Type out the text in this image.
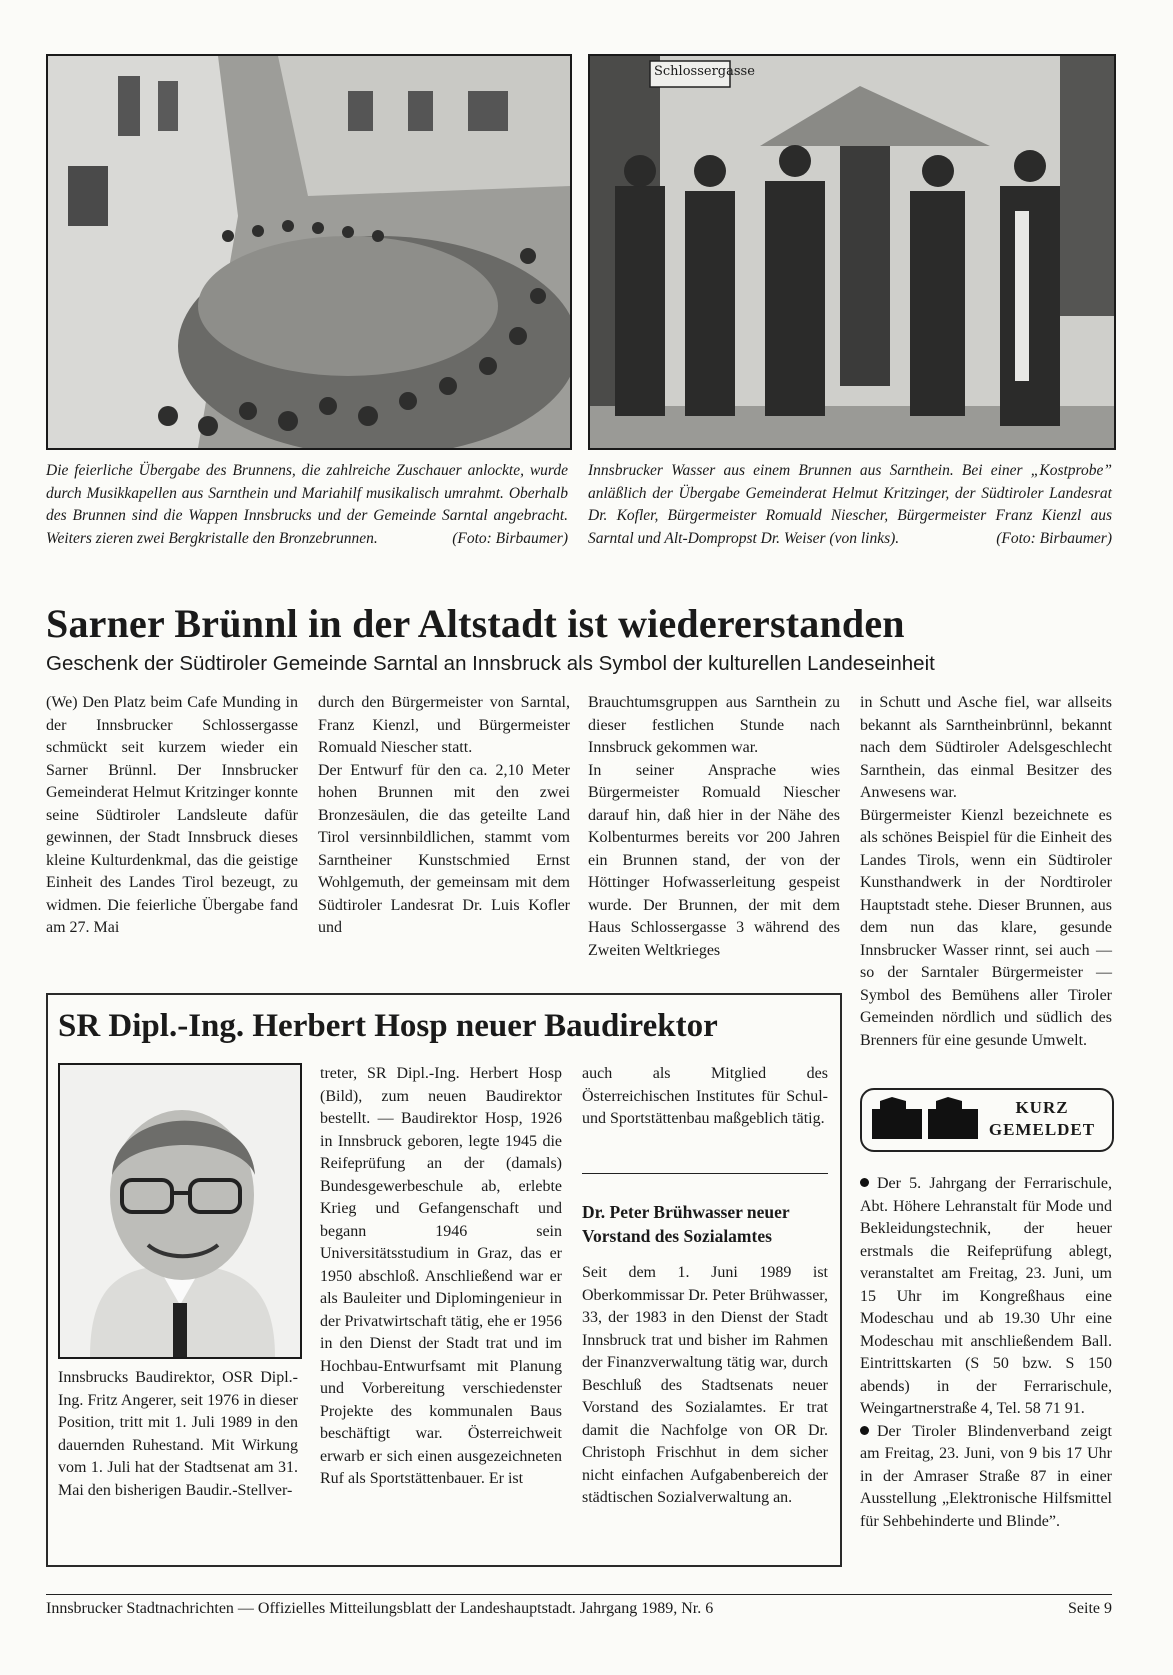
Schlossergasse
Die feierliche Übergabe des Brunnens, die zahlreiche Zuschauer anlockte, wurde durch Musikkapellen aus Sarnthein und Mariahilf musikalisch umrahmt. Oberhalb des Brunnen sind die Wappen Innsbrucks und der Gemeinde Sarntal angebracht. Weiters zieren zwei Bergkristalle den Bronzebrunnen.	(Foto: Birbaumer)
Innsbrucker Wasser aus einem Brunnen aus Sarnthein. Bei einer „Kostprobe” anläßlich der Übergabe Gemeinderat Helmut Kritzinger, der Südtiroler Landesrat Dr. Kofler, Bürgermeister Romuald Niescher, Bürgermeister Franz Kienzl aus Sarntal und Alt-Dompropst Dr. Weiser (von links).	(Foto: Birbaumer)
Sarner Brünnl in der Altstadt ist wiedererstanden
Geschenk der Südtiroler Gemeinde Sarntal an Innsbruck als Symbol der kulturellen Landeseinheit

(We) Den Platz beim Cafe Munding in der Innsbrucker Schlossergasse schmückt seit kurzem wieder ein Sarner Brünnl. Der Innsbrucker Gemeinderat Helmut Kritzinger konnte seine Südtiroler Landsleute dafür gewinnen, der Stadt Innsbruck dieses kleine Kulturdenkmal, das die geistige Einheit des Landes Tirol bezeugt, zu widmen. Die feierliche Übergabe fand am 27. Mai

durch den Bürgermeister von Sarntal, Franz Kienzl, und Bürgermeister Romuald Niescher statt.

Der Entwurf für den ca. 2,10 Meter hohen Brunnen mit den zwei Bronzesäulen, die das geteilte Land Tirol versinnbildlichen, stammt vom Sarntheiner Kunstschmied Ernst Wohlgemuth, der gemeinsam mit dem Südtiroler Landesrat Dr. Luis Kofler und

Brauchtumsgruppen aus Sarnthein zu dieser festlichen Stunde nach Innsbruck gekommen war.

In seiner Ansprache wies Bürgermeister Romuald Niescher darauf hin, daß hier in der Nähe des Kolbenturmes bereits vor 200 Jahren ein Brunnen stand, der von der Höttinger Hofwasserleitung gespeist wurde. Der Brunnen, der mit dem Haus Schlossergasse 3 während des Zweiten Weltkrieges

in Schutt und Asche fiel, war allseits bekannt als Sarntheinbrünnl, bekannt nach dem Südtiroler Adelsgeschlecht Sarnthein, das einmal Besitzer des Anwesens war.

Bürgermeister Kienzl bezeichnete es als schönes Beispiel für die Einheit des Landes Tirols, wenn ein Südtiroler Kunsthandwerk in der Nordtiroler Hauptstadt stehe. Dieser Brunnen, aus dem nun das klare, gesunde Innsbrucker Wasser rinnt, sei auch — so der Sarntaler Bürgermeister — Symbol des Bemühens aller Tiroler Gemeinden nördlich und südlich des Brenners für eine gesunde Umwelt.

SR Dipl.-Ing. Herbert Hosp neuer Baudirektor

Innsbrucks Baudirektor, OSR Dipl.-Ing. Fritz Angerer, seit 1976 in dieser Position, tritt mit 1. Juli 1989 in den dauernden Ruhestand. Mit Wirkung vom 1. Juli hat der Stadtsenat am 31. Mai den bisherigen Baudir.-Stellver-

treter, SR Dipl.-Ing. Herbert Hosp (Bild), zum neuen Baudirektor bestellt. — Baudirektor Hosp, 1926 in Innsbruck geboren, legte 1945 die Reifeprüfung an der (damals) Bundesgewerbeschule ab, erlebte Krieg und Gefangenschaft und begann 1946 sein Universitätsstudium in Graz, das er 1950 abschloß. Anschließend war er als Bauleiter und Diplomingenieur in der Privatwirtschaft tätig, ehe er 1956 in den Dienst der Stadt trat und im Hochbau-Entwurfsamt mit Planung und Vorbereitung verschiedenster Projekte des kommunalen Baus beschäftigt war. Österreichweit erwarb er sich einen ausgezeichneten Ruf als Sportstättenbauer. Er ist

auch als Mitglied des Österreichischen Institutes für Schul- und Sportstättenbau maßgeblich tätig.

Dr. Peter Brühwasser neuer Vorstand des Sozialamtes

Seit dem 1. Juni 1989 ist Oberkommissar Dr. Peter Brühwasser, 33, der 1983 in den Dienst der Stadt Innsbruck trat und bisher im Rahmen der Finanzverwaltung tätig war, durch Beschluß des Stadtsenats neuer Vorstand des Sozialamtes. Er trat damit die Nachfolge von OR Dr. Christoph Frischhut in dem sicher nicht einfachen Aufgabenbereich der städtischen Sozialverwaltung an.

KURZ
GEMELDET

Der 5. Jahrgang der Ferrarischule, Abt. Höhere Lehranstalt für Mode und Bekleidungstechnik, der heuer erstmals die Reifeprüfung ablegt, veranstaltet am Freitag, 23. Juni, um 15 Uhr im Kongreßhaus eine Modeschau und ab 19.30 Uhr eine Modeschau mit anschließendem Ball. Eintrittskarten (S 50 bzw. S 150 abends) in der Ferrarischule, Weingartnerstraße 4, Tel. 58 71 91.

Der Tiroler Blindenverband zeigt am Freitag, 23. Juni, von 9 bis 17 Uhr in der Amraser Straße 87 in einer Ausstellung „Elektronische Hilfsmittel für Sehbehinderte und Blinde”.

Innsbrucker Stadtnachrichten — Offizielles Mitteilungsblatt der Landeshauptstadt. Jahrgang 1989, Nr. 6	Seite 9
